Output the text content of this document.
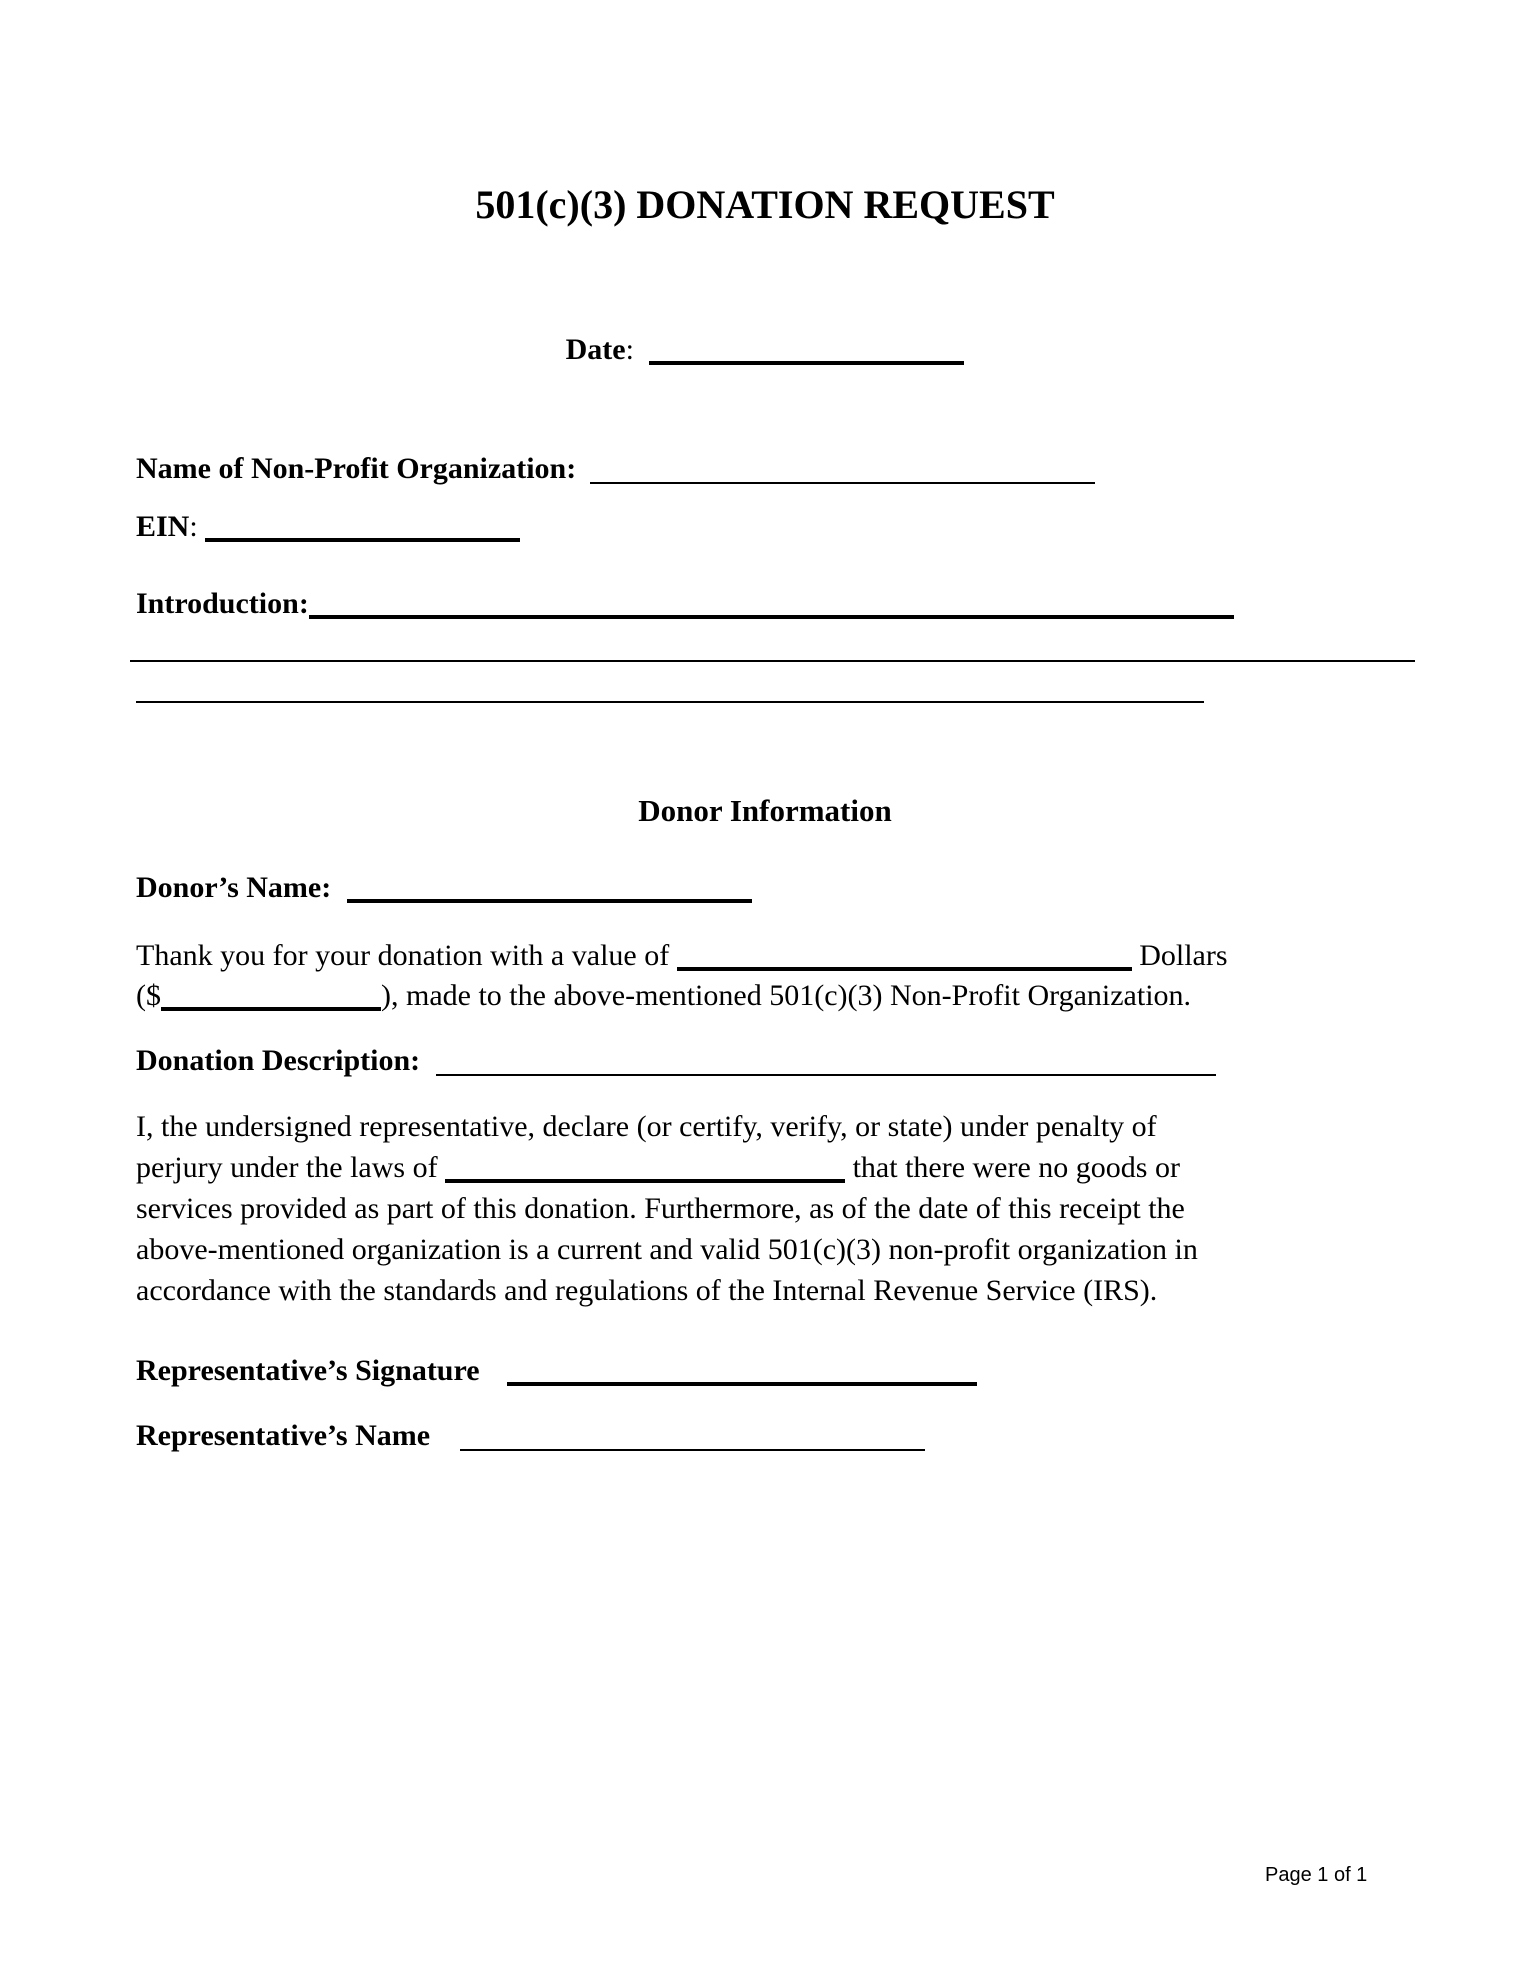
501(c)(3) DONATION REQUEST
Date:
Name of Non-Profit Organization:
EIN:
Introduction:
Donor Information
Donor’s Name:
Thank you for your donation with a value of	Dollars
($	), made to the above-mentioned 501(c)(3) Non-Profit Organization.
Donation Description:
I, the undersigned representative, declare (or certify, verify, or state) under penalty of
perjury under the laws of	that there were no goods or
services provided as part of this donation. Furthermore, as of the date of this receipt the
above-mentioned organization is a current and valid 501(c)(3) non-profit organization in
accordance with the standards and regulations of the Internal Revenue Service (IRS).
Representative’s Signature
Representative’s Name
Page 1 of 1
